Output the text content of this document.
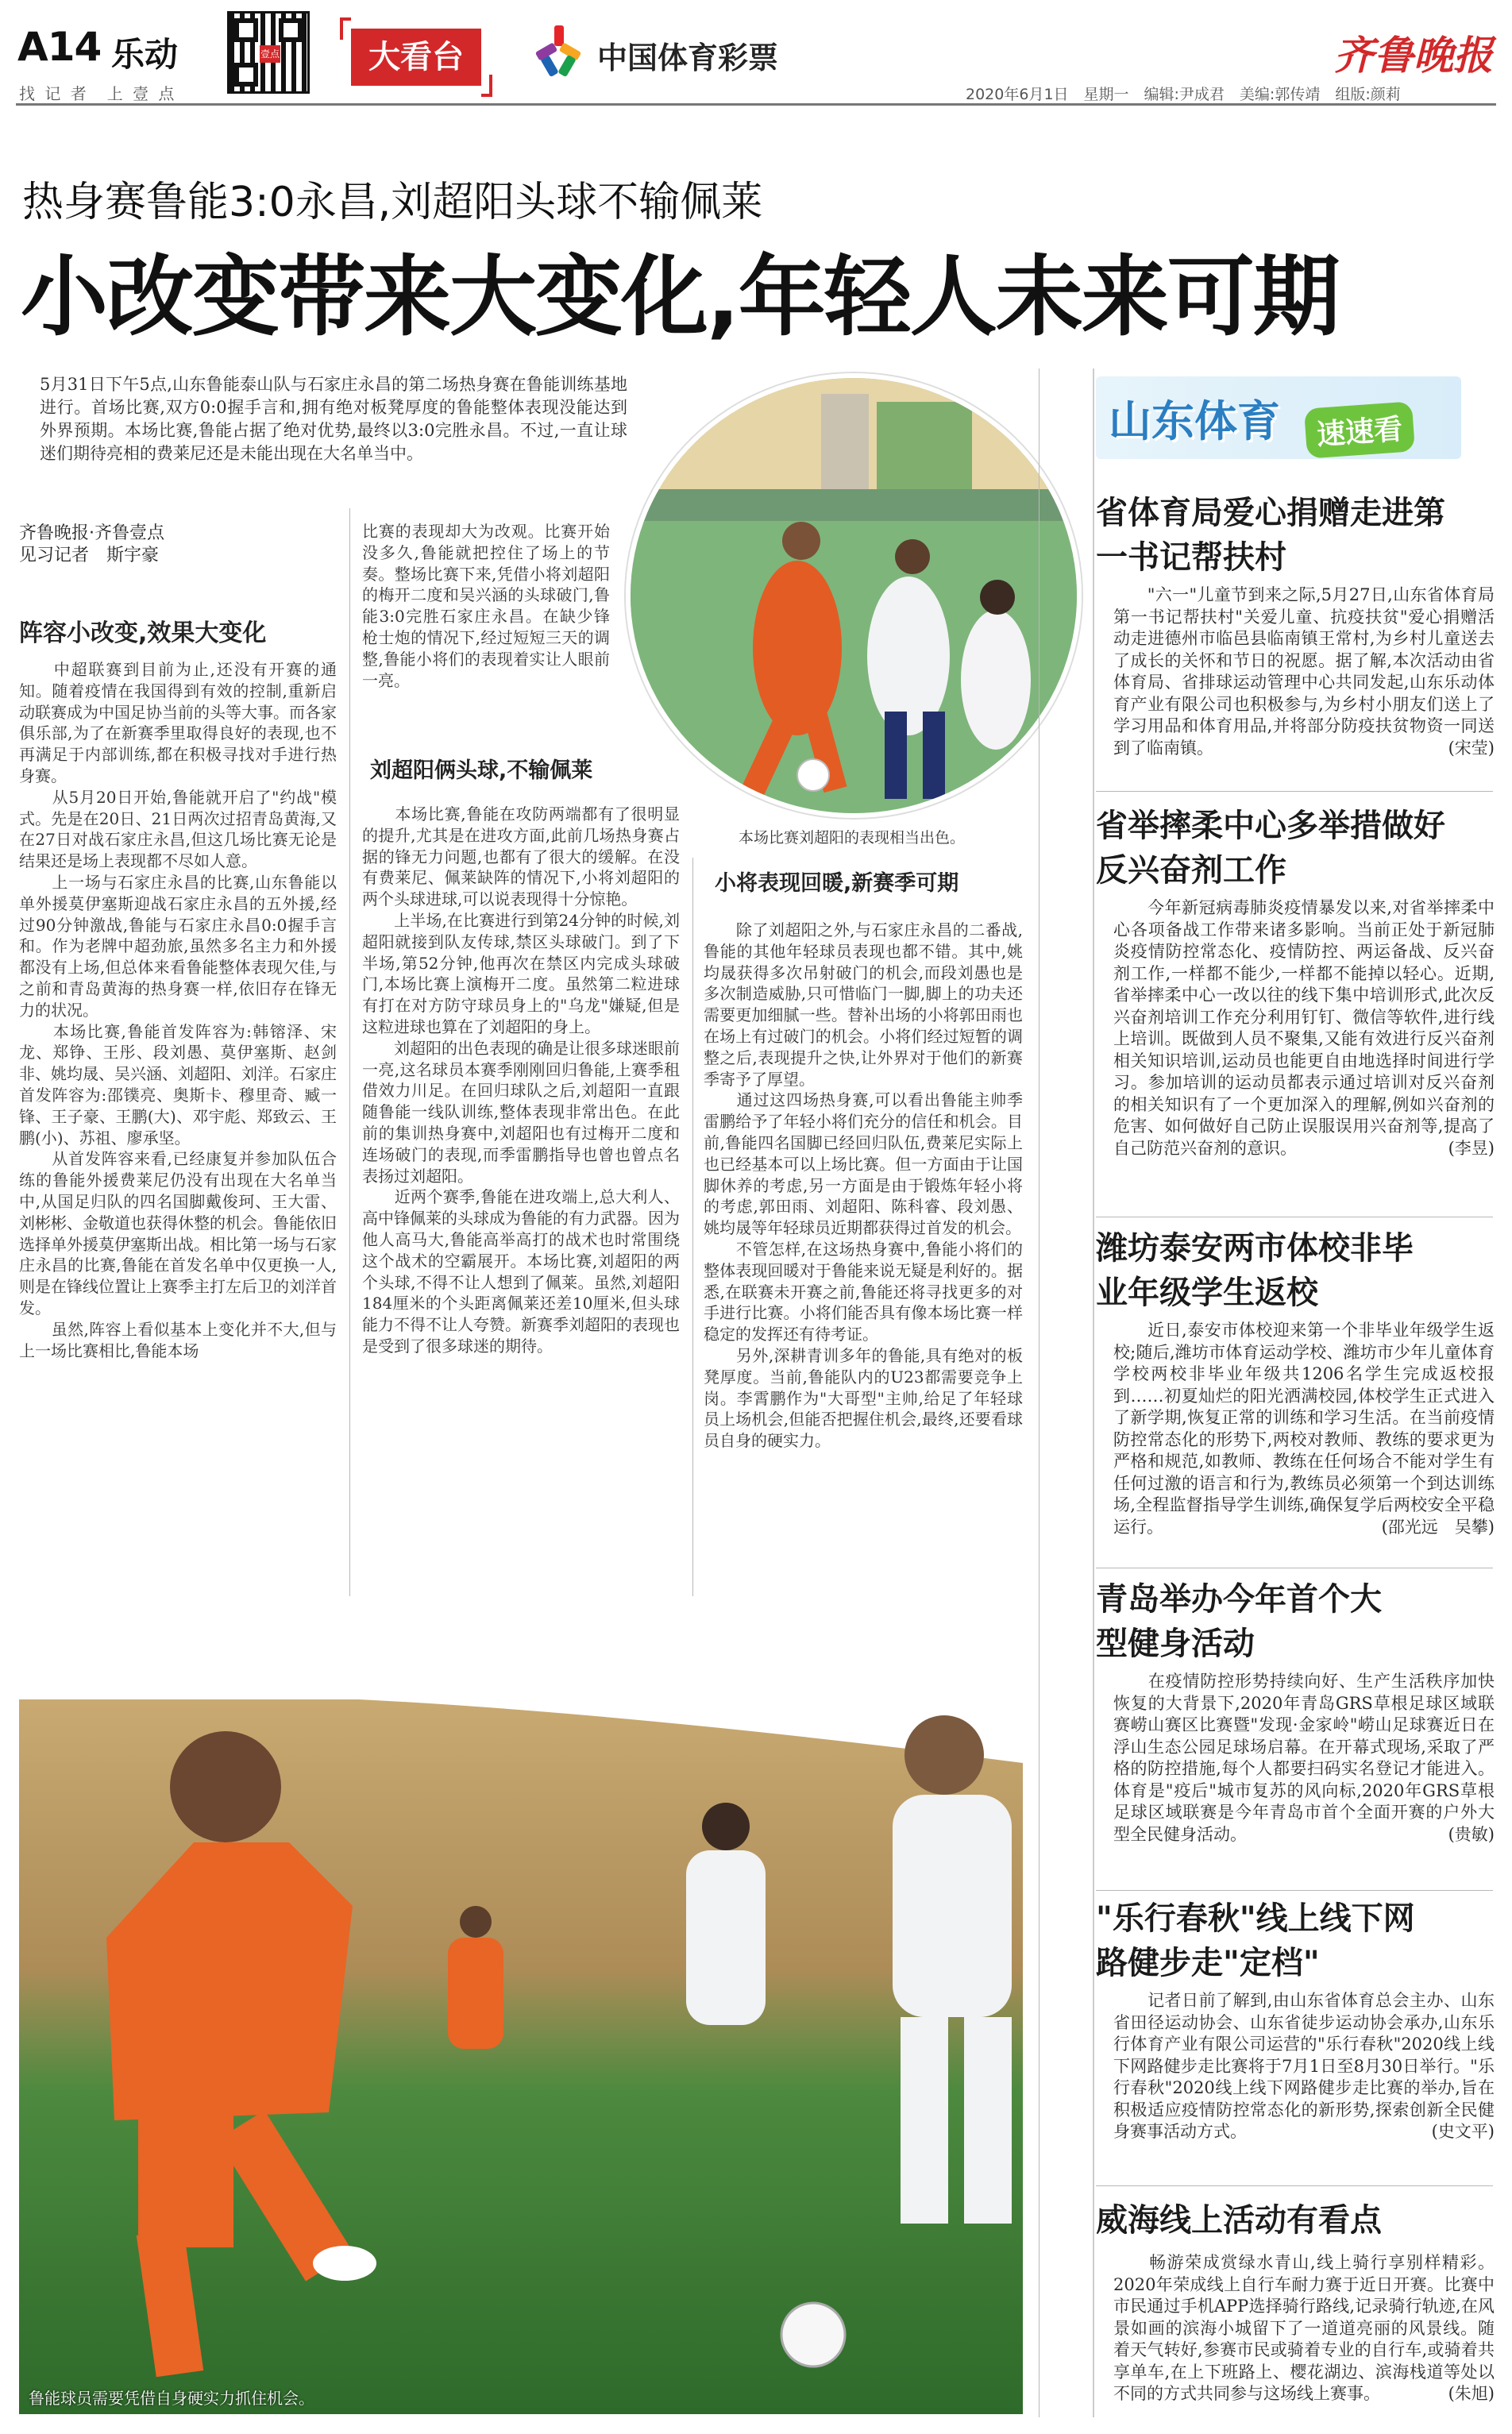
A14 乐动
找 记 者　上 壹 点
壹点	大看台	中国体育彩票	齐鲁晚报
2020年6月1日　星期一　编辑:尹成君　美编:郭传靖　组版:颜莉
热身赛鲁能3:0永昌,刘超阳头球不输佩莱
小改变带来大变化,年轻人未来可期
5月31日下午5点,山东鲁能泰山队与石家庄永昌的第二场热身赛在鲁能训练基地进行。首场比赛,双方0:0握手言和,拥有绝对板凳厚度的鲁能整体表现没能达到外界预期。本场比赛,鲁能占据了绝对优势,最终以3:0完胜永昌。不过,一直让球迷们期待亮相的费莱尼还是未能出现在大名单当中。
齐鲁晚报·齐鲁壹点
见习记者　斯宇豪
阵容小改变,效果大变化
　　中超联赛到目前为止,还没有开赛的通知。随着疫情在我国得到有效的控制,重新启动联赛成为中国足协当前的头等大事。而各家俱乐部,为了在新赛季里取得良好的表现,也不再满足于内部训练,都在积极寻找对手进行热身赛。
　　从5月20日开始,鲁能就开启了"约战"模式。先是在20日、21日两次过招青岛黄海,又在27日对战石家庄永昌,但这几场比赛无论是结果还是场上表现都不尽如人意。
　　上一场与石家庄永昌的比赛,山东鲁能以单外援莫伊塞斯迎战石家庄永昌的五外援,经过90分钟激战,鲁能与石家庄永昌0:0握手言和。作为老牌中超劲旅,虽然多名主力和外援都没有上场,但总体来看鲁能整体表现欠佳,与之前和青岛黄海的热身赛一样,依旧存在锋无力的状况。
　　本场比赛,鲁能首发阵容为:韩镕泽、宋龙、郑铮、王彤、段刘愚、莫伊塞斯、赵剑非、姚均晟、吴兴涵、刘超阳、刘洋。石家庄首发阵容为:邵镤亮、奥斯卡、穆里奇、臧一锋、王子豪、王鹏(大)、邓宇彪、郑致云、王鹏(小)、苏祖、廖承坚。
　　从首发阵容来看,已经康复并参加队伍合练的鲁能外援费莱尼仍没有出现在大名单当中,从国足归队的四名国脚戴俊珂、王大雷、刘彬彬、金敬道也获得休整的机会。鲁能依旧选择单外援莫伊塞斯出战。相比第一场与石家庄永昌的比赛,鲁能在首发名单中仅更换一人,则是在锋线位置让上赛季主打左后卫的刘洋首发。
　　虽然,阵容上看似基本上变化并不大,但与上一场比赛相比,鲁能本场
比赛的表现却大为改观。比赛开始没多久,鲁能就把控住了场上的节奏。整场比赛下来,凭借小将刘超阳的梅开二度和吴兴涵的头球破门,鲁能3:0完胜石家庄永昌。在缺少锋枪士炮的情况下,经过短短三天的调整,鲁能小将们的表现着实让人眼前一亮。
刘超阳俩头球,不输佩莱
　　本场比赛,鲁能在攻防两端都有了很明显的提升,尤其是在进攻方面,此前几场热身赛占据的锋无力问题,也都有了很大的缓解。在没有费莱尼、佩莱缺阵的情况下,小将刘超阳的两个头球进球,可以说表现得十分惊艳。
　　上半场,在比赛进行到第24分钟的时候,刘超阳就接到队友传球,禁区头球破门。到了下半场,第52分钟,他再次在禁区内完成头球破门,本场比赛上演梅开二度。虽然第二粒进球有打在对方防守球员身上的"乌龙"嫌疑,但是这粒进球也算在了刘超阳的身上。
　　刘超阳的出色表现的确是让很多球迷眼前一亮,这名球员本赛季刚刚回归鲁能,上赛季租借效力川足。在回归球队之后,刘超阳一直跟随鲁能一线队训练,整体表现非常出色。在此前的集训热身赛中,刘超阳也有过梅开二度和连场破门的表现,而季雷鹏指导也曾也曾点名表扬过刘超阳。
　　近两个赛季,鲁能在进攻端上,总大利人、高中锋佩莱的头球成为鲁能的有力武器。因为他人高马大,鲁能高举高打的战术也时常围绕这个战术的空霸展开。本场比赛,刘超阳的两个头球,不得不让人想到了佩莱。虽然,刘超阳184厘米的个头距离佩莱还差10厘米,但头球能力不得不让人夸赞。新赛季刘超阳的表现也是受到了很多球迷的期待。
本场比赛刘超阳的表现相当出色。
小将表现回暖,新赛季可期
　　除了刘超阳之外,与石家庄永昌的二番战,鲁能的其他年轻球员表现也都不错。其中,姚均晟获得多次吊射破门的机会,而段刘愚也是多次制造威胁,只可惜临门一脚,脚上的功夫还需要更加细腻一些。替补出场的小将郭田雨也在场上有过破门的机会。小将们经过短暂的调整之后,表现提升之快,让外界对于他们的新赛季寄予了厚望。
　　通过这四场热身赛,可以看出鲁能主帅季雷鹏给予了年轻小将们充分的信任和机会。目前,鲁能四名国脚已经回归队伍,费莱尼实际上也已经基本可以上场比赛。但一方面由于让国脚休养的考虑,另一方面是由于锻炼年轻小将的考虑,郭田雨、刘超阳、陈科睿、段刘愚、姚均晟等年轻球员近期都获得过首发的机会。
　　不管怎样,在这场热身赛中,鲁能小将们的整体表现回暖对于鲁能来说无疑是利好的。据悉,在联赛未开赛之前,鲁能还将寻找更多的对手进行比赛。小将们能否具有像本场比赛一样稳定的发挥还有待考证。
　　另外,深耕青训多年的鲁能,具有绝对的板凳厚度。当前,鲁能队内的U23都需要竞争上岗。李霄鹏作为"大哥型"主帅,给足了年轻球员上场机会,但能否把握住机会,最终,还要看球员自身的硬实力。
鲁能球员需要凭借自身硬实力抓住机会。
山东体育	速速看
省体育局爱心捐赠走进第一书记帮扶村
　　"六一"儿童节到来之际,5月27日,山东省体育局第一书记帮扶村"关爱儿童、抗疫扶贫"爱心捐赠活动走进德州市临邑县临南镇王常村,为乡村儿童送去了成长的关怀和节日的祝愿。据了解,本次活动由省体育局、省排球运动管理中心共同发起,山东乐动体育产业有限公司也积极参与,为乡村小朋友们送上了学习用品和体育用品,并将部分防疫扶贫物资一同送到了临南镇。	(宋莹)
省举摔柔中心多举措做好反兴奋剂工作
　　今年新冠病毒肺炎疫情暴发以来,对省举摔柔中心各项备战工作带来诸多影响。当前正处于新冠肺炎疫情防控常态化、疫情防控、两运备战、反兴奋剂工作,一样都不能少,一样都不能掉以轻心。近期,省举摔柔中心一改以往的线下集中培训形式,此次反兴奋剂培训工作充分利用钉钉、微信等软件,进行线上培训。既做到人员不聚集,又能有效进行反兴奋剂相关知识培训,运动员也能更自由地选择时间进行学习。参加培训的运动员都表示通过培训对反兴奋剂的相关知识有了一个更加深入的理解,例如兴奋剂的危害、如何做好自己防止误服误用兴奋剂等,提高了自己防范兴奋剂的意识。	(李昱)
潍坊泰安两市体校非毕业年级学生返校
　　近日,泰安市体校迎来第一个非毕业年级学生返校;随后,潍坊市体育运动学校、潍坊市少年儿童体育学校两校非毕业年级共1206名学生完成返校报到……初夏灿烂的阳光洒满校园,体校学生正式进入了新学期,恢复正常的训练和学习生活。在当前疫情防控常态化的形势下,两校对教师、教练的要求更为严格和规范,如教师、教练在任何场合不能对学生有任何过激的语言和行为,教练员必须第一个到达训练场,全程监督指导学生训练,确保复学后两校安全平稳运行。	(邵光远　吴攀)
青岛举办今年首个大型健身活动
　　在疫情防控形势持续向好、生产生活秩序加快恢复的大背景下,2020年青岛GRS草根足球区域联赛崂山赛区比赛暨"发现·金家岭"崂山足球赛近日在浮山生态公园足球场启幕。在开幕式现场,采取了严格的防控措施,每个人都要扫码实名登记才能进入。体育是"疫后"城市复苏的风向标,2020年GRS草根足球区域联赛是今年青岛市首个全面开赛的户外大型全民健身活动。	(贵敏)
"乐行春秋"线上线下网路健步走"定档"
　　记者日前了解到,由山东省体育总会主办、山东省田径运动协会、山东省徒步运动协会承办,山东乐行体育产业有限公司运营的"乐行春秋"2020线上线下网路健步走比赛将于7月1日至8月30日举行。"乐行春秋"2020线上线下网路健步走比赛的举办,旨在积极适应疫情防控常态化的新形势,探索创新全民健身赛事活动方式。	(史文平)
威海线上活动有看点
　　畅游荣成赏绿水青山,线上骑行享别样精彩。2020年荣成线上自行车耐力赛于近日开赛。比赛中市民通过手机APP选择骑行路线,记录骑行轨迹,在风景如画的滨海小城留下了一道道亮丽的风景线。随着天气转好,参赛市民或骑着专业的自行车,或骑着共享单车,在上下班路上、樱花湖边、滨海栈道等处以不同的方式共同参与这场线上赛事。	(朱旭)
